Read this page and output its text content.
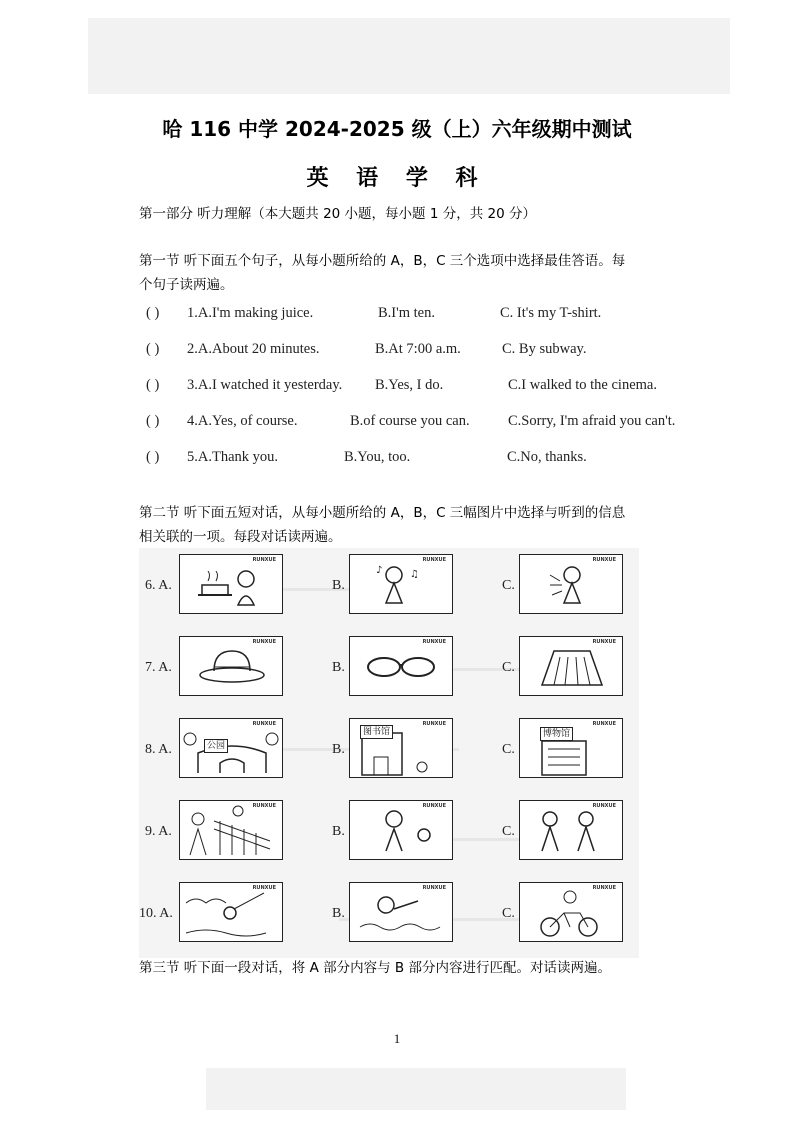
哈 116 中学 2024-2025 级（上）六年级期中测试
英 语 学 科
第一部分 听力理解（本大题共 20 小题，每小题 1 分，共 20 分）
第一节 听下面五个句子，从每小题所给的 A，B，C 三个选项中选择最佳答语。每
个句子读两遍。
( ) 1.A.I'm making juice.	B.I'm ten.	C. It's my T-shirt.
( ) 2.A.About 20 minutes.	B.At 7:00 a.m.	C. By subway.
( ) 3.A.I watched it yesterday. B.Yes, I do.	C.I walked to the cinema.
( ) 4.A.Yes, of course.	B.of course you can.	C.Sorry, I'm afraid you can't.
( ) 5.A.Thank you.	B.You, too.	C.No, thanks.
第二节 听下面五短对话，从每小题所给的 A，B，C 三幅图片中选择与听到的信息
相关联的一项。每段对话读两遍。
6. A.
RUNXUE
B.
RUNXUE
♪	♫
C.
RUNXUE
7. A.
RUNXUE
B.
RUNXUE
C.
RUNXUE
8. A.
RUNXUE
公园	B.
RUNXUE
图书馆
C.
RUNXUE
博物馆
9. A.
RUNXUE
B.
RUNXUE
C.
RUNXUE
10. A.
RUNXUE
B.
RUNXUE
C.
RUNXUE
第三节 听下面一段对话，将 A 部分内容与 B 部分内容进行匹配。对话读两遍。
1
